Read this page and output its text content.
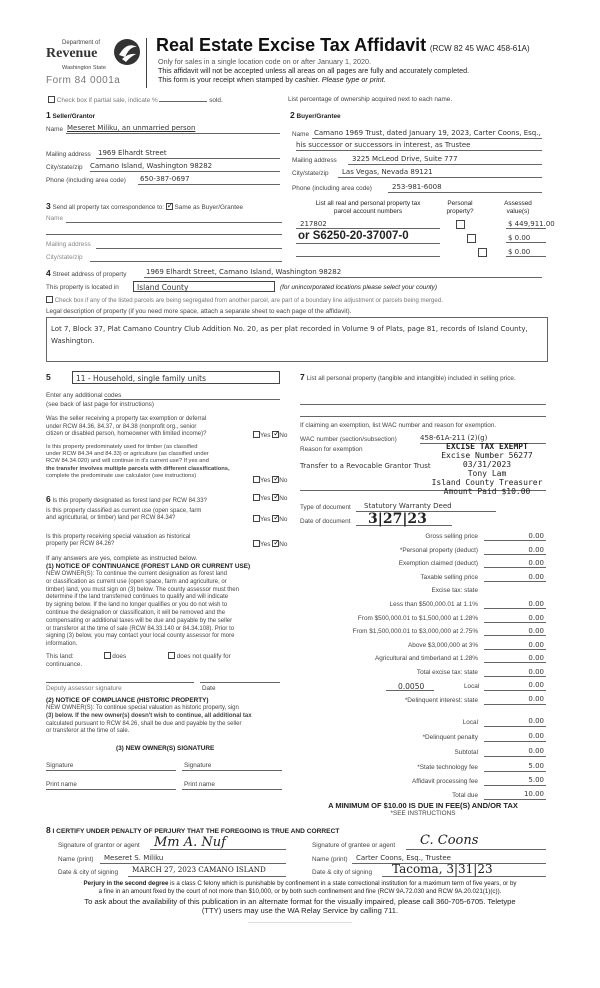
Department of
Revenue
Washington State
Form 84 0001a
Real Estate Excise Tax Affidavit (RCW 82 45 WAC 458-61A)
Only for sales in a single location code on or after January 1, 2020.
This affidavit will not be accepted unless all areas on all pages are fully and accurately completed.
This form is your receipt when stamped by cashier. Please type or print.
Check box if partial sale, indicate %	sold.	List percentage of ownership acquired next to each name.
1 Seller/Grantor
Name Meseret Miliku, an unmarried person
Mailing address 1969 Elhardt Street
City/state/zip Camano Island, Washington 98282
Phone (including area code) 650-387-0697
2 Buyer/Grantee
Name Camano 1969 Trust, dated January 19, 2023, Carter Coons, Esq.,
his successor or successors in interest, as Trustee
Mailing address 3225 McLeod Drive, Suite 777
City/state/zip Las Vegas, Nevada 89121
Phone (including area code)	253-981-6008
3 Send all property tax correspondence to: ✓ Same as Buyer/Grantee
Name
Mailing address
City/state/zip
List all real and personal property tax
parcel account numbers
Personal
property?
Assessed
value(s)
217802
	$ 449,911.00
or S6250-20-37007-0
	$ 0.00
$ 0.00
4 Street address of property	1969 Elhardt Street, Camano Island, Washington 98282
This property is located in	Island County	(for unincorporated locations please select your county)
Check box if any of the listed parcels are being segregated from another parcel, are part of a boundary line adjustment or parcels being merged.
Legal description of property (if you need more space, attach a separate sheet to each page of the affidavit).
Lot 7, Block 37, Plat Camano Country Club Addition No. 20, as per plat recorded in Volume 9 of Plats, page 81, records of Island County, Washington.
5	11 - Household, single family units
Enter any additional codes
(see back of last page for instructions)
Was the seller receiving a property tax exemption or deferral
under RCW 84.36, 84.37, or 84.38 (nonprofit org., senior
citizen or disabled person, homeowner with limited income)?	Yes ✓ No
Is this property predominately used for timber (as classified
under RCW 84.34 and 84.33) or agriculture (as classified under
RCW 84.34.020) and will continue in it's current use? If yes and
the transfer involves multiple parcels with different classifications,
complete the predominate use calculator (see instructions)
Yes ✓ No
6 Is this property designated as forest land per RCW 84.33?	Yes ✓ No
Is this property classified as current use (open space, farm
and agricultural, or timber) land per RCW 84.34?	Yes ✓ No
Is this property receiving special valuation as historical
property per RCW 84.26?	Yes ✓ No
If any answers are yes, complete as instructed below.
(1) NOTICE OF CONTINUANCE (FOREST LAND OR CURRENT USE)
NEW OWNER(S): To continue the current designation as forest land
or classification as current use (open space, farm and agriculture, or
timber) land, you must sign on (3) below. The county assessor must then
determine if the land transferred continues to qualify and will indicate
by signing below. If the land no longer qualifies or you do not wish to
continue the designation or classification, it will be removed and the
compensating or additional taxes will be due and payable by the seller
or transferor at the time of sale (RCW 84.33.140 or 84.34.108). Prior to
signing (3) below, you may contact your local county assessor for more
information.
This land:	does	does not qualify for
continuance.
Deputy assessor signature	Date
(2) NOTICE OF COMPLIANCE (HISTORIC PROPERTY)
NEW OWNER(S): To continue special valuation as historic property, sign
(3) below. If the new owner(s) doesn't wish to continue, all additional tax
calculated pursuant to RCW 84.26, shall be due and payable by the seller
or transferor at the time of sale.
(3) NEW OWNER(S) SIGNATURE
Signature	Signature
Print name	Print name
7 List all personal property (tangible and intangible) included in selling price.
If claiming an exemption, list WAC number and reason for exemption.
WAC number (section/subsection)	458-61A-211 (2)(g)
Reason for exemption
Transfer to a Revocable Grantor Trust
EXCISE TAX EXEMPT
Excise Number 56277
03/31/2023
Tony Lam
Island County Treasurer
Amount Paid $10.00
Type of document Statutory Warranty Deed
Date of document 3|27|23
Gross selling price	0.00
*Personal property (deduct)	0.00
Exemption claimed (deduct)	0.00
Taxable selling price	0.00
Excise tax: state
Less than $500,000.01 at 1.1%	0.00
From $500,000.01 to $1,500,000 at 1.28%	0.00
From $1,500,000.01 to $3,000,000 at 2.75%	0.00
Above $3,000,000 at 3%	0.00
Agricultural and timberland at 1.28%	0.00
Total excise tax: state	0.00
0.0050	Local	0.00
*Delinquent interest: state	0.00
Local	0.00
*Delinquent penalty	0.00
Subtotal	0.00
*State technology fee	5.00
Affidavit processing fee	5.00
Total due	10.00
A MINIMUM OF $10.00 IS DUE IN FEE(S) AND/OR TAX
*SEE INSTRUCTIONS
8 I CERTIFY UNDER PENALTY OF PERJURY THAT THE FOREGOING IS TRUE AND CORRECT
Signature of grantor or agent Mm A. Nuf
Name (print) Meseret S. Miliku
Date & city of signing MARCH 27, 2023 CAMANO ISLAND
Signature of grantee or agent C. Coons
Name (print) Carter Coons, Esq., Trustee
Date & city of signing Tacoma, 3|31|23
Perjury in the second degree is a class C felony which is punishable by confinement in a state correctional institution for a maximum term of five years, or by
a fine in an amount fixed by the court of not more than $10,000, or by both such confinement and fine (RCW 9A.72.030 and RCW 9A.20.021(1)(c)).
To ask about the availability of this publication in an alternate format for the visually impaired, please call 360-705-6705. Teletype
(TTY) users may use the WA Relay Service by calling 711.
